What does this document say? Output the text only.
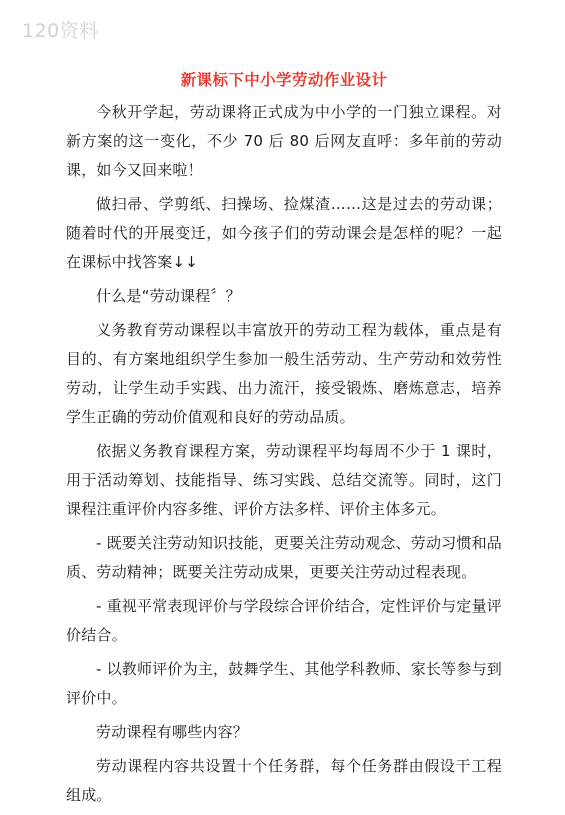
120资料
新课标下中小学劳动作业设计

今秋开学起，劳动课将正式成为中小学的一门独立课程。对新方案的这一变化，不少 70 后 80 后网友直呼：多年前的劳动课，如今又回来啦！

做扫帚、学剪纸、扫操场、捡煤渣……这是过去的劳动课；随着时代的开展变迁，如今孩子们的劳动课会是怎样的呢？一起在课标中找答案↓↓

什么是“劳动课程〞？

义务教育劳动课程以丰富放开的劳动工程为载体，重点是有目的、有方案地组织学生参加一般生活劳动、生产劳动和效劳性劳动，让学生动手实践、出力流汗，接受锻炼、磨炼意志，培养学生正确的劳动价值观和良好的劳动品质。

依据义务教育课程方案，劳动课程平均每周不少于 1 课时，用于活动筹划、技能指导、练习实践、总结交流等。同时，这门课程注重评价内容多维、评价方法多样、评价主体多元。

- 既要关注劳动知识技能，更要关注劳动观念、劳动习惯和品质、劳动精神；既要关注劳动成果，更要关注劳动过程表现。

- 重视平常表现评价与学段综合评价结合，定性评价与定量评价结合。

- 以教师评价为主，鼓舞学生、其他学科教师、家长等参与到评价中。

劳动课程有哪些内容？

劳动课程内容共设置十个任务群，每个任务群由假设干工程组成。
